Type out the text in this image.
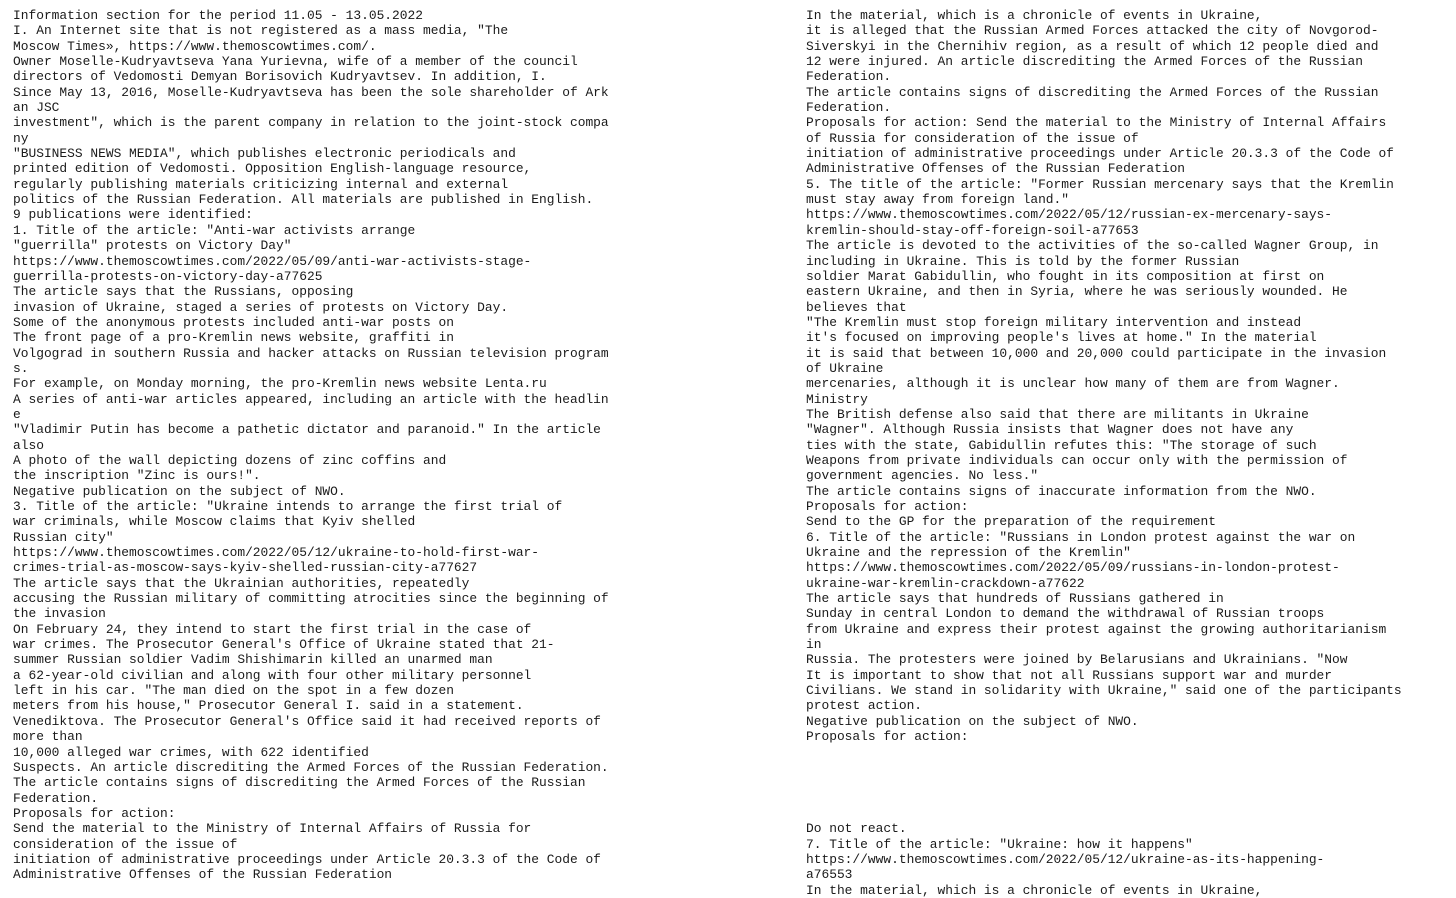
Information section for the period 11.05 - 13.05.2022
I. An Internet site that is not registered as a mass media, "The
Moscow Times», https://www.themoscowtimes.com/.
Owner Moselle-Kudryavtseva Yana Yurievna, wife of a member of the council
directors of Vedomosti Demyan Borisovich Kudryavtsev. In addition, I.
Since May 13, 2016, Moselle-Kudryavtseva has been the sole shareholder of Ark
an JSC
investment", which is the parent company in relation to the joint-stock compa
ny
"BUSINESS NEWS MEDIA", which publishes electronic periodicals and
printed edition of Vedomosti. Opposition English-language resource,
regularly publishing materials criticizing internal and external
politics of the Russian Federation. All materials are published in English.
9 publications were identified:
1. Title of the article: "Anti-war activists arrange
"guerrilla" protests on Victory Day"
https://www.themoscowtimes.com/2022/05/09/anti-war-activists-stage-
guerrilla-protests-on-victory-day-a77625
The article says that the Russians, opposing
invasion of Ukraine, staged a series of protests on Victory Day.
Some of the anonymous protests included anti-war posts on
The front page of a pro-Kremlin news website, graffiti in
Volgograd in southern Russia and hacker attacks on Russian television program
s.
For example, on Monday morning, the pro-Kremlin news website Lenta.ru
A series of anti-war articles appeared, including an article with the headlin
e
"Vladimir Putin has become a pathetic dictator and paranoid." In the article
also
A photo of the wall depicting dozens of zinc coffins and
the inscription "Zinc is ours!".
Negative publication on the subject of NWO.
3. Title of the article: "Ukraine intends to arrange the first trial of
war criminals, while Moscow claims that Kyiv shelled
Russian city"
https://www.themoscowtimes.com/2022/05/12/ukraine-to-hold-first-war-
crimes-trial-as-moscow-says-kyiv-shelled-russian-city-a77627
The article says that the Ukrainian authorities, repeatedly
accusing the Russian military of committing atrocities since the beginning of
the invasion
On February 24, they intend to start the first trial in the case of
war crimes. The Prosecutor General's Office of Ukraine stated that 21-
summer Russian soldier Vadim Shishimarin killed an unarmed man
a 62-year-old civilian and along with four other military personnel
left in his car. "The man died on the spot in a few dozen
meters from his house," Prosecutor General I. said in a statement.
Venediktova. The Prosecutor General's Office said it had received reports of
more than
10,000 alleged war crimes, with 622 identified
Suspects. An article discrediting the Armed Forces of the Russian Federation.
The article contains signs of discrediting the Armed Forces of the Russian
Federation.
Proposals for action:
Send the material to the Ministry of Internal Affairs of Russia for
consideration of the issue of
initiation of administrative proceedings under Article 20.3.3 of the Code of
Administrative Offenses of the Russian Federation
In the material, which is a chronicle of events in Ukraine,
it is alleged that the Russian Armed Forces attacked the city of Novgorod-
Siverskyi in the Chernihiv region, as a result of which 12 people died and
12 were injured. An article discrediting the Armed Forces of the Russian
Federation.
The article contains signs of discrediting the Armed Forces of the Russian
Federation.
Proposals for action: Send the material to the Ministry of Internal Affairs
of Russia for consideration of the issue of
initiation of administrative proceedings under Article 20.3.3 of the Code of
Administrative Offenses of the Russian Federation
5. The title of the article: "Former Russian mercenary says that the Kremlin
must stay away from foreign land."
https://www.themoscowtimes.com/2022/05/12/russian-ex-mercenary-says-
kremlin-should-stay-off-foreign-soil-a77653
The article is devoted to the activities of the so-called Wagner Group, in
including in Ukraine. This is told by the former Russian
soldier Marat Gabidullin, who fought in its composition at first on
eastern Ukraine, and then in Syria, where he was seriously wounded. He
believes that
"The Kremlin must stop foreign military intervention and instead
it's focused on improving people's lives at home." In the material
it is said that between 10,000 and 20,000 could participate in the invasion
of Ukraine
mercenaries, although it is unclear how many of them are from Wagner.
Ministry
The British defense also said that there are militants in Ukraine
"Wagner". Although Russia insists that Wagner does not have any
ties with the state, Gabidullin refutes this: "The storage of such
Weapons from private individuals can occur only with the permission of
government agencies. No less."
The article contains signs of inaccurate information from the NWO.
Proposals for action:
Send to the GP for the preparation of the requirement
6. Title of the article: "Russians in London protest against the war on
Ukraine and the repression of the Kremlin"
https://www.themoscowtimes.com/2022/05/09/russians-in-london-protest-
ukraine-war-kremlin-crackdown-a77622
The article says that hundreds of Russians gathered in
Sunday in central London to demand the withdrawal of Russian troops
from Ukraine and express their protest against the growing authoritarianism
in
Russia. The protesters were joined by Belarusians and Ukrainians. "Now
It is important to show that not all Russians support war and murder
Civilians. We stand in solidarity with Ukraine," said one of the participants
protest action.
Negative publication on the subject of NWO.
Proposals for action:
Do not react.
7. Title of the article: "Ukraine: how it happens"
https://www.themoscowtimes.com/2022/05/12/ukraine-as-its-happening-
a76553
In the material, which is a chronicle of events in Ukraine,
